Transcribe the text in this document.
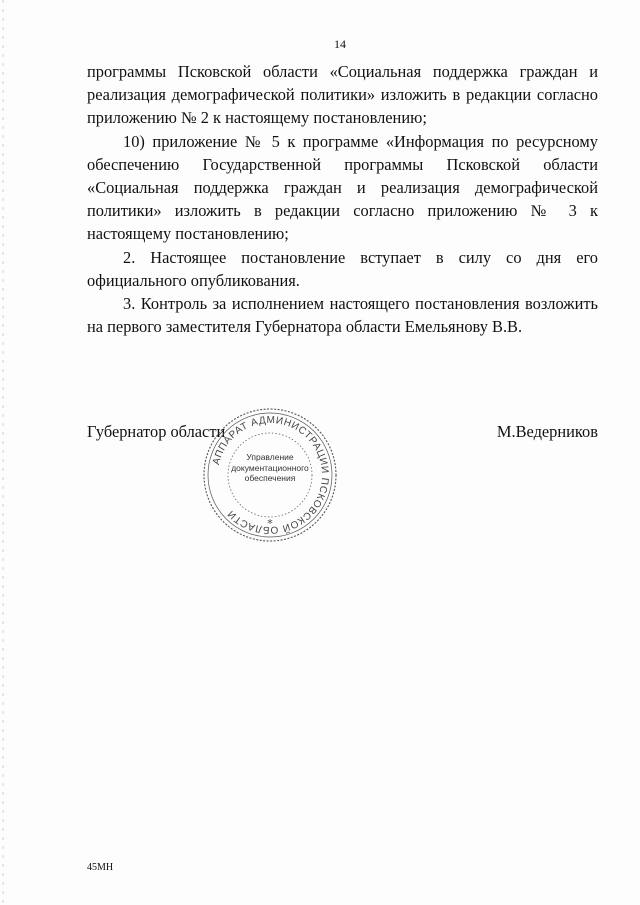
14

программы Псковской области «Социальная поддержка граждан и реализация демографической политики» изложить в редакции согласно приложению № 2 к настоящему постановлению;

10) приложение № 5 к программе «Информация по ресурсному обеспечению Государственной программы Псковской области «Социальная поддержка граждан и реализация демографической политики» изложить в редакции согласно приложению № 3 к настоящему постановлению;

2. Настоящее постановление вступает в силу со дня его официального опубликования.

3. Контроль за исполнением настоящего постановления возложить на первого заместителя Губернатора области Емельянову В.В.

Губернатор области	М.Ведерников
АППАРАТ АДМИНИСТРАЦИИ ПСКОВСКОЙ ОБЛАСТИ
*
Управление
документационного
обеспечения
45МН
